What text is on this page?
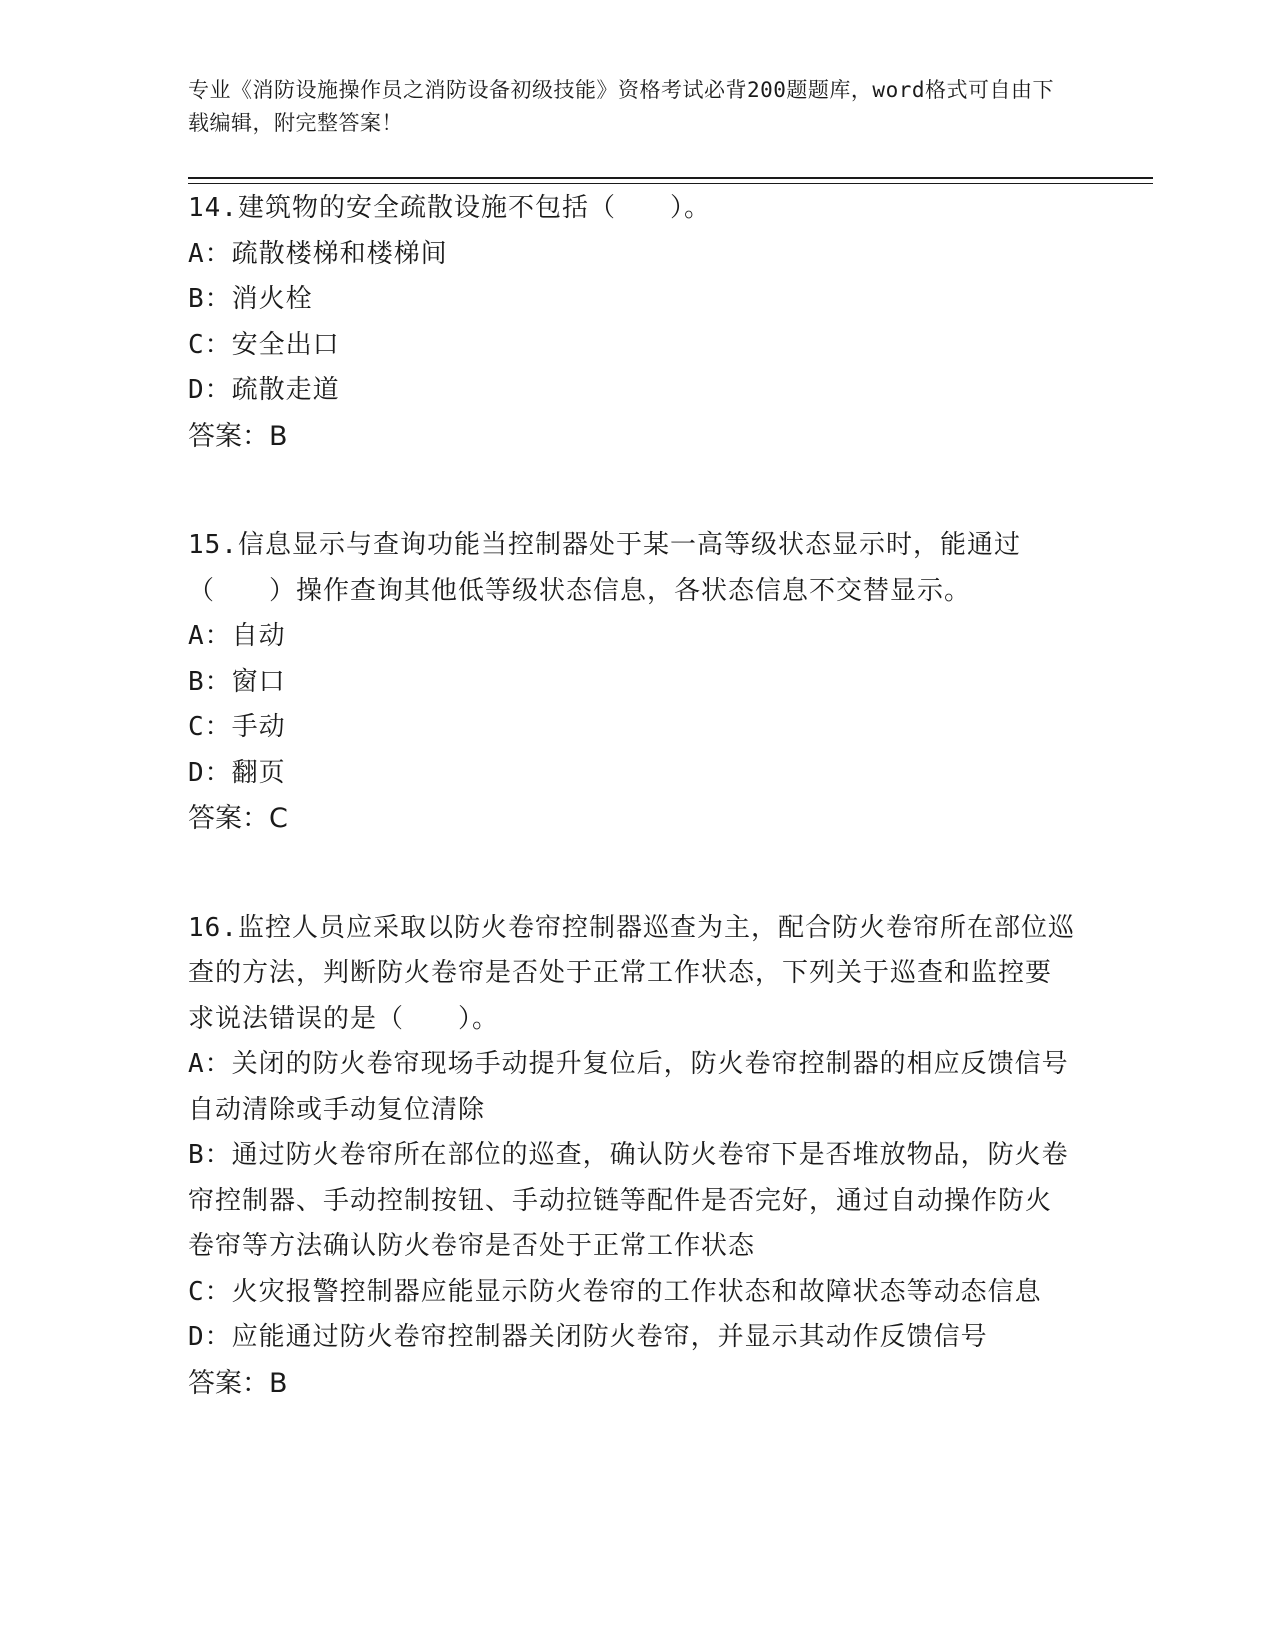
专业《消防设施操作员之消防设备初级技能》资格考试必背200题题库，word格式可自由下载编辑，附完整答案！
14.建筑物的安全疏散设施不包括（　　）。
A：疏散楼梯和楼梯间
B：消火栓
C：安全出口
D：疏散走道
答案：B
15.信息显示与查询功能当控制器处于某一高等级状态显示时，能通过（　　）操作查询其他低等级状态信息，各状态信息不交替显示。
A：自动
B：窗口
C：手动
D：翻页
答案：C
16.监控人员应采取以防火卷帘控制器巡查为主，配合防火卷帘所在部位巡查的方法，判断防火卷帘是否处于正常工作状态，下列关于巡查和监控要求说法错误的是（　　）。
A：关闭的防火卷帘现场手动提升复位后，防火卷帘控制器的相应反馈信号自动清除或手动复位清除
B：通过防火卷帘所在部位的巡查，确认防火卷帘下是否堆放物品，防火卷帘控制器、手动控制按钮、手动拉链等配件是否完好，通过自动操作防火卷帘等方法确认防火卷帘是否处于正常工作状态
C：火灾报警控制器应能显示防火卷帘的工作状态和故障状态等动态信息
D：应能通过防火卷帘控制器关闭防火卷帘，并显示其动作反馈信号
答案：B
